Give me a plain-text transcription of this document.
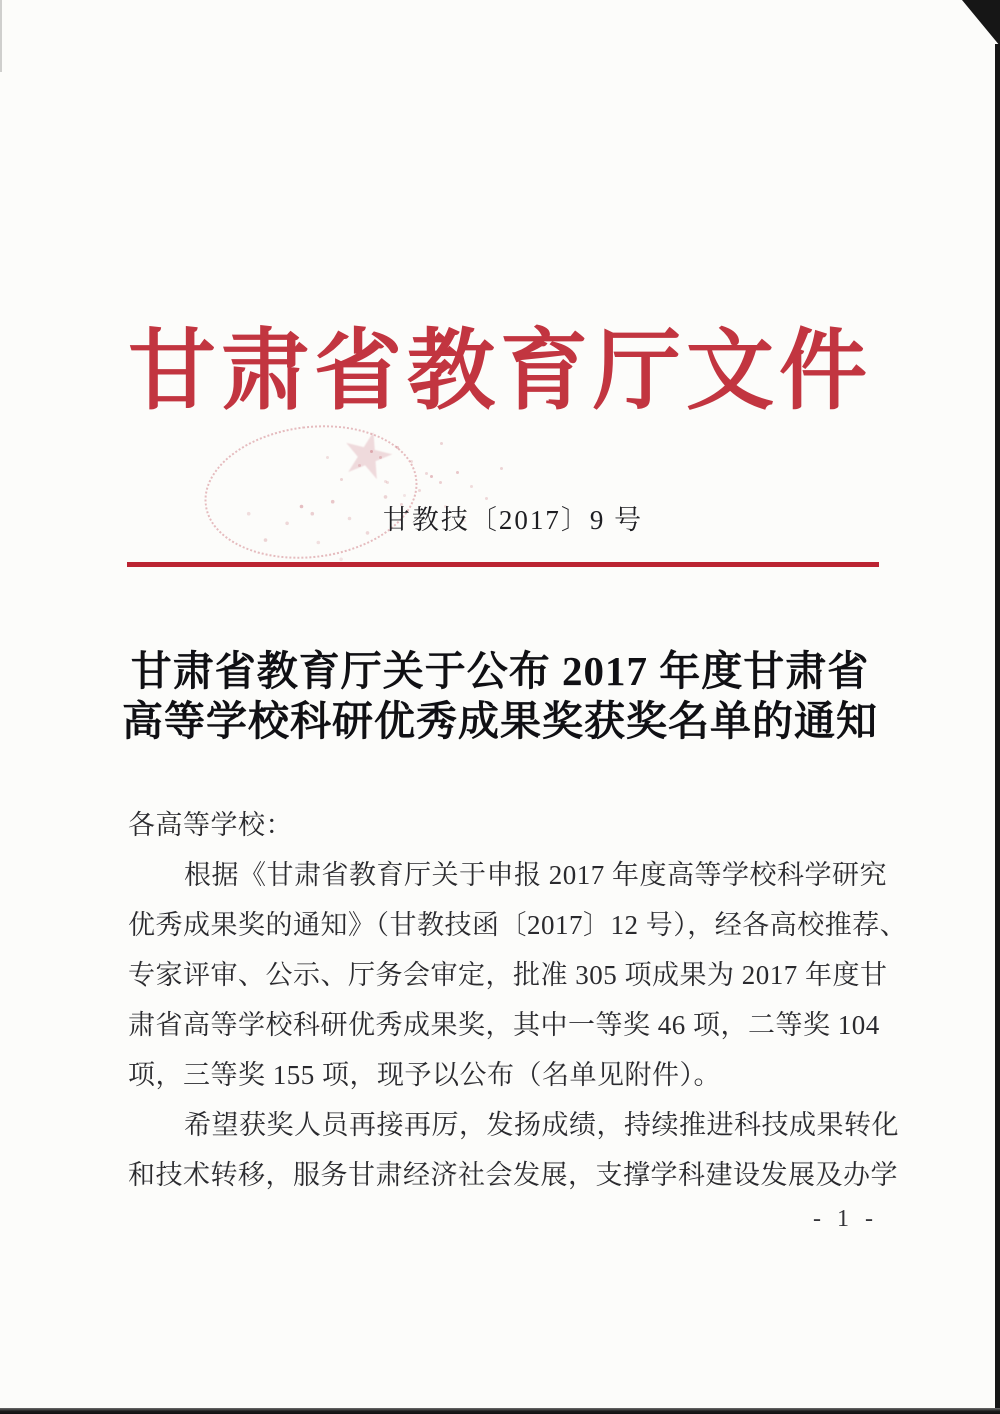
★
甘肃省教育厅文件
甘教技〔2017〕9 号
甘肃省教育厅关于公布 2017 年度甘肃省
高等学校科研优秀成果奖获奖名单的通知
各高等学校：
根据《甘肃省教育厅关于申报 2017 年度高等学校科学研究
优秀成果奖的通知》（甘教技函〔2017〕12 号），经各高校推荐、
专家评审、公示、厅务会审定，批准 305 项成果为 2017 年度甘
肃省高等学校科研优秀成果奖，其中一等奖 46 项，二等奖 104
项，三等奖 155 项，现予以公布（名单见附件）。
希望获奖人员再接再厉，发扬成绩，持续推进科技成果转化
和技术转移，服务甘肃经济社会发展，支撑学科建设发展及办学
- 1 -
